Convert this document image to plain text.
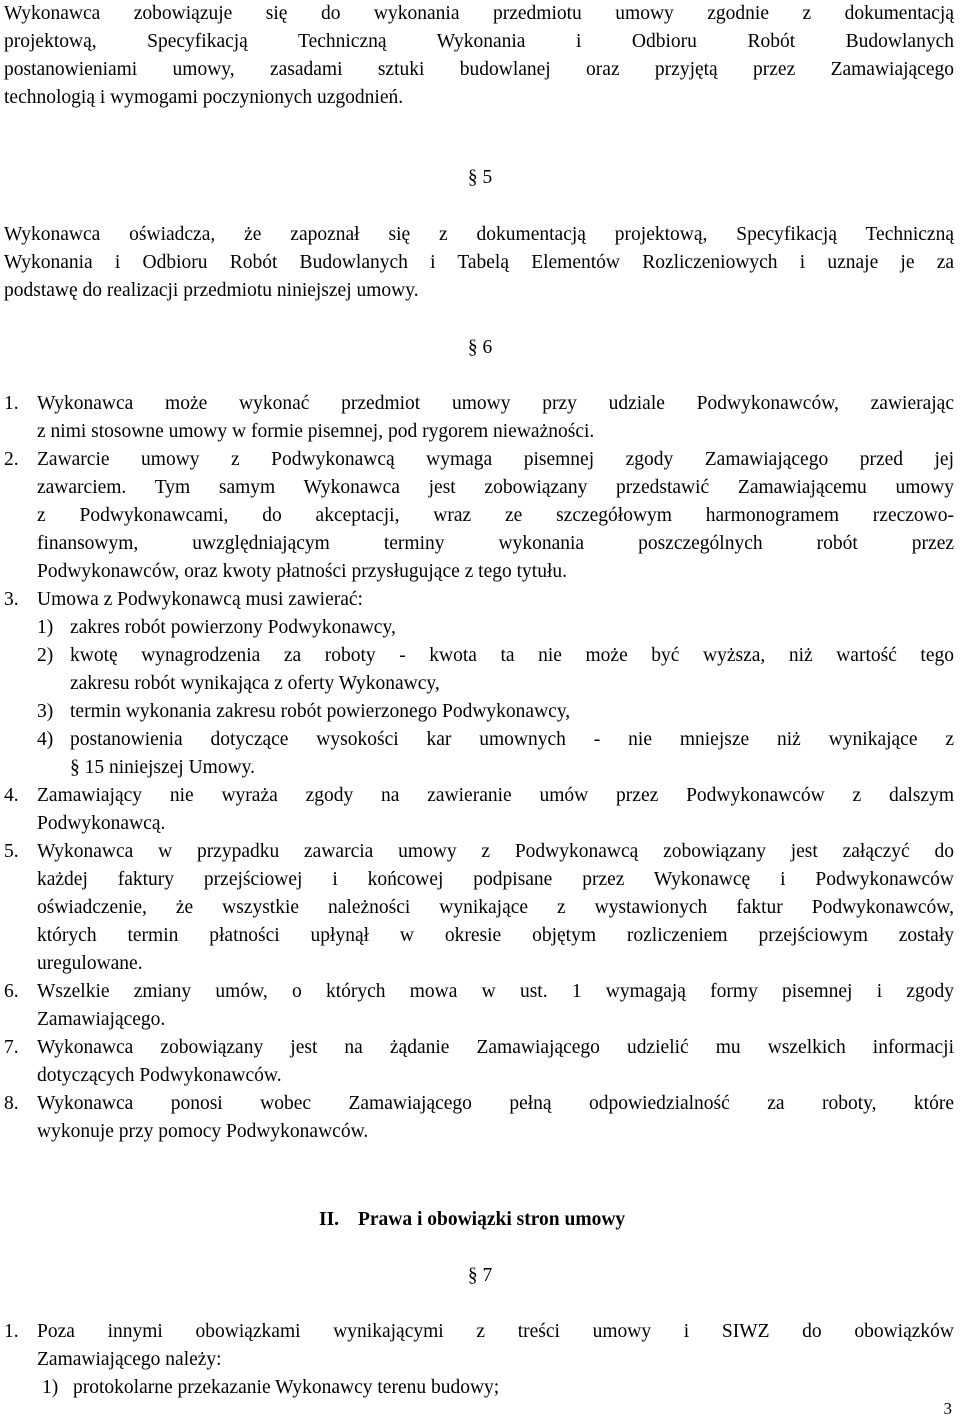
Wykonawca zobowiązuje się do wykonania przedmiotu umowy zgodnie z dokumentacją
projektową, Specyfikacją Techniczną Wykonania i Odbioru Robót Budowlanych
postanowieniami umowy, zasadami sztuki budowlanej oraz przyjętą przez Zamawiającego
technologią i wymogami poczynionych uzgodnień.
§ 5
Wykonawca oświadcza, że zapoznał się z dokumentacją projektową, Specyfikacją Techniczną
Wykonania i Odbioru Robót Budowlanych i Tabelą Elementów Rozliczeniowych i uznaje je za
podstawę do realizacji przedmiotu niniejszej umowy.
§ 6
1. Wykonawca może wykonać przedmiot umowy przy udziale Podwykonawców, zawierając
z nimi stosowne umowy w formie pisemnej, pod rygorem nieważności.
2. Zawarcie umowy z Podwykonawcą wymaga pisemnej zgody Zamawiającego przed jej
zawarciem. Tym samym Wykonawca jest zobowiązany przedstawić Zamawiającemu umowy
z Podwykonawcami, do akceptacji, wraz ze szczegółowym harmonogramem rzeczowo-
finansowym, uwzględniającym terminy wykonania poszczególnych robót przez
Podwykonawców, oraz kwoty płatności przysługujące z tego tytułu.
3. Umowa z Podwykonawcą musi zawierać:
1) zakres robót powierzony Podwykonawcy,
2) kwotę wynagrodzenia za roboty - kwota ta nie może być wyższa, niż wartość tego
zakresu robót wynikająca z oferty Wykonawcy,
3) termin wykonania zakresu robót powierzonego Podwykonawcy,
4) postanowienia dotyczące wysokości kar umownych - nie mniejsze niż wynikające z
§ 15 niniejszej Umowy.
4. Zamawiający nie wyraża zgody na zawieranie umów przez Podwykonawców z dalszym
Podwykonawcą.
5. Wykonawca w przypadku zawarcia umowy z Podwykonawcą zobowiązany jest załączyć do
każdej faktury przejściowej i końcowej podpisane przez Wykonawcę i Podwykonawców
oświadczenie, że wszystkie należności wynikające z wystawionych faktur Podwykonawców,
których termin płatności upłynął w okresie objętym rozliczeniem przejściowym zostały
uregulowane.
6. Wszelkie zmiany umów, o których mowa w ust. 1 wymagają formy pisemnej i zgody
Zamawiającego.
7. Wykonawca zobowiązany jest na żądanie Zamawiającego udzielić mu wszelkich informacji
dotyczących Podwykonawców.
8. Wykonawca ponosi wobec Zamawiającego pełną odpowiedzialność za roboty, które
wykonuje przy pomocy Podwykonawców.
II. Prawa i obowiązki stron umowy
§ 7
1. Poza innymi obowiązkami wynikającymi z treści umowy i SIWZ do obowiązków
Zamawiającego należy:
1) protokolarne przekazanie Wykonawcy terenu budowy;
3
